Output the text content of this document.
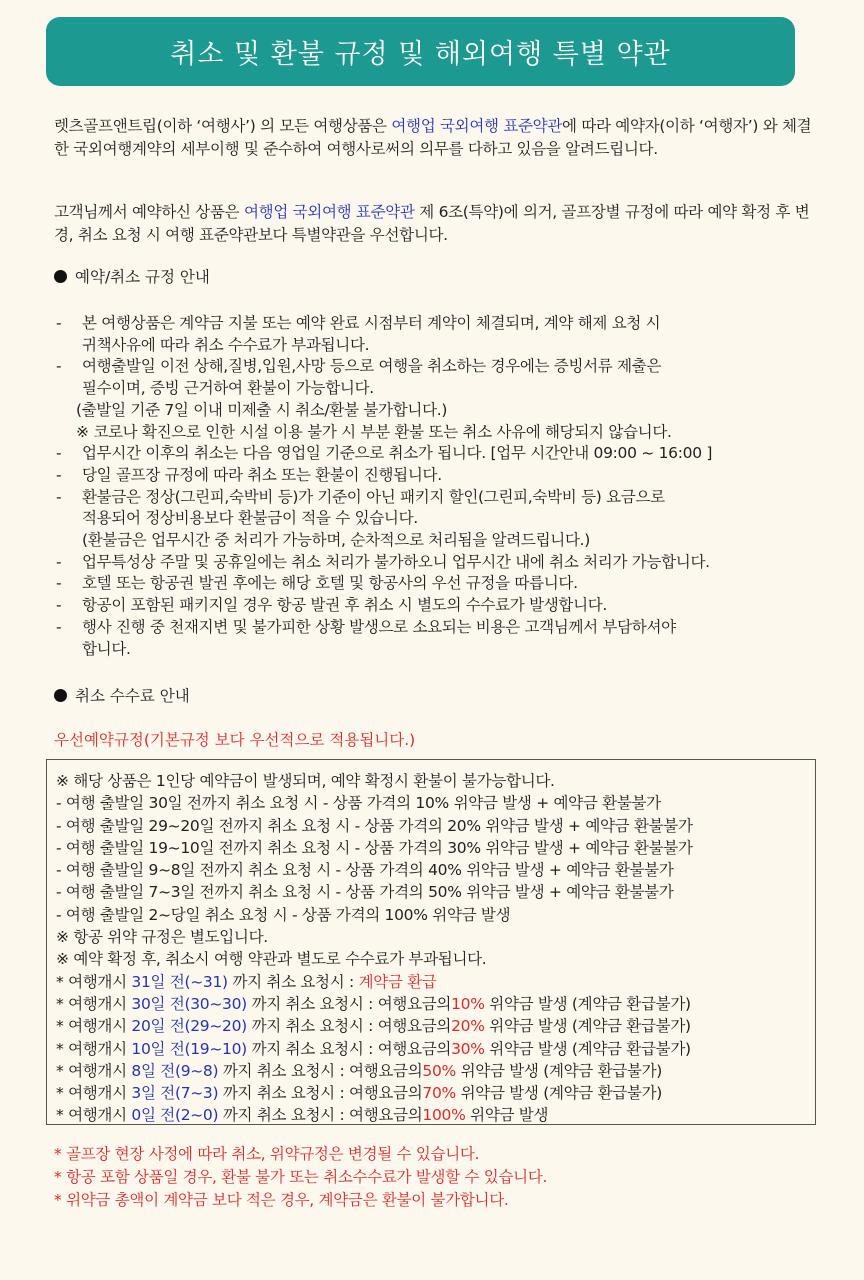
취소 및 환불 규정 및 해외여행 특별 약관
렛츠골프앤트립(이하 ‘여행사’) 의 모든 여행상품은 여행업 국외여행 표준약관에 따라 예약자(이하 ‘여행자’) 와 체결한 국외여행계약의 세부이행 및 준수하여 여행사로써의 의무를 다하고 있음을 알려드립니다.
고객님께서 예약하신 상품은 여행업 국외여행 표준약관 제 6조(특약)에 의거, 골프장별 규정에 따라 예약 확정 후 변경, 취소 요청 시 여행 표준약관보다 특별약관을 우선합니다.
예약/취소 규정 안내
-	본 여행상품은 계약금 지불 또는 예약 완료 시점부터 계약이 체결되며, 계약 해제 요청 시
귀책사유에 따라 취소 수수료가 부과됩니다.
-	여행출발일 이전 상해,질병,입원,사망 등으로 여행을 취소하는 경우에는 증빙서류 제출은
필수이며, 증빙 근거하여 환불이 가능합니다.
(출발일 기준 7일 이내 미제출 시 취소/환불 불가합니다.)
※ 코로나 확진으로 인한 시설 이용 불가 시 부분 환불 또는 취소 사유에 해당되지 않습니다.
-	업무시간 이후의 취소는 다음 영업일 기준으로 취소가 됩니다. [업무 시간안내 09:00 ~ 16:00 ]
-	당일 골프장 규정에 따라 취소 또는 환불이 진행됩니다.
-	환불금은 정상(그린피,숙박비 등)가 기준이 아닌 패키지 할인(그린피,숙박비 등) 요금으로
적용되어 정상비용보다 환불금이 적을 수 있습니다.
(환불금은 업무시간 중 처리가 가능하며, 순차적으로 처리됨을 알려드립니다.)
-	업무특성상 주말 및 공휴일에는 취소 처리가 불가하오니 업무시간 내에 취소 처리가 가능합니다.
-	호텔 또는 항공권 발권 후에는 해당 호텔 및 항공사의 우선 규정을 따릅니다.
-	항공이 포함된 패키지일 경우 항공 발권 후 취소 시 별도의 수수료가 발생합니다.
-	행사 진행 중 천재지변 및 불가피한 상황 발생으로 소요되는 비용은 고객님께서 부담하셔야
합니다.
취소 수수료 안내
우선예약규정(기본규정 보다 우선적으로 적용됩니다.)
※ 해당 상품은 1인당 예약금이 발생되며, 예약 확정시 환불이 불가능합니다.
- 여행 출발일 30일 전까지 취소 요청 시 - 상품 가격의 10% 위약금 발생 + 예약금 환불불가
- 여행 출발일 29~20일 전까지 취소 요청 시 - 상품 가격의 20% 위약금 발생 + 예약금 환불불가
- 여행 출발일 19~10일 전까지 취소 요청 시 - 상품 가격의 30% 위약금 발생 + 예약금 환불불가
- 여행 출발일 9~8일 전까지 취소 요청 시 - 상품 가격의 40% 위약금 발생 + 예약금 환불불가
- 여행 출발일 7~3일 전까지 취소 요청 시 - 상품 가격의 50% 위약금 발생 + 예약금 환불불가
- 여행 출발일 2~당일 취소 요청 시 - 상품 가격의 100% 위약금 발생
※ 항공 위약 규정은 별도입니다.
※ 예약 확정 후, 취소시 여행 약관과 별도로 수수료가 부과됩니다.
* 여행개시 31일 전(~31) 까지 취소 요청시 : 계약금 환급
* 여행개시 30일 전(30~30) 까지 취소 요청시 : 여행요금의10% 위약금 발생 (계약금 환급불가)
* 여행개시 20일 전(29~20) 까지 취소 요청시 : 여행요금의20% 위약금 발생 (계약금 환급불가)
* 여행개시 10일 전(19~10) 까지 취소 요청시 : 여행요금의30% 위약금 발생 (계약금 환급불가)
* 여행개시 8일 전(9~8) 까지 취소 요청시 : 여행요금의50% 위약금 발생 (계약금 환급불가)
* 여행개시 3일 전(7~3) 까지 취소 요청시 : 여행요금의70% 위약금 발생 (계약금 환급불가)
* 여행개시 0일 전(2~0) 까지 취소 요청시 : 여행요금의100% 위약금 발생
* 골프장 현장 사정에 따라 취소, 위약규정은 변경될 수 있습니다.
* 항공 포함 상품일 경우, 환불 불가 또는 취소수수료가 발생할 수 있습니다.
* 위약금 총액이 계약금 보다 적은 경우, 계약금은 환불이 불가합니다.
